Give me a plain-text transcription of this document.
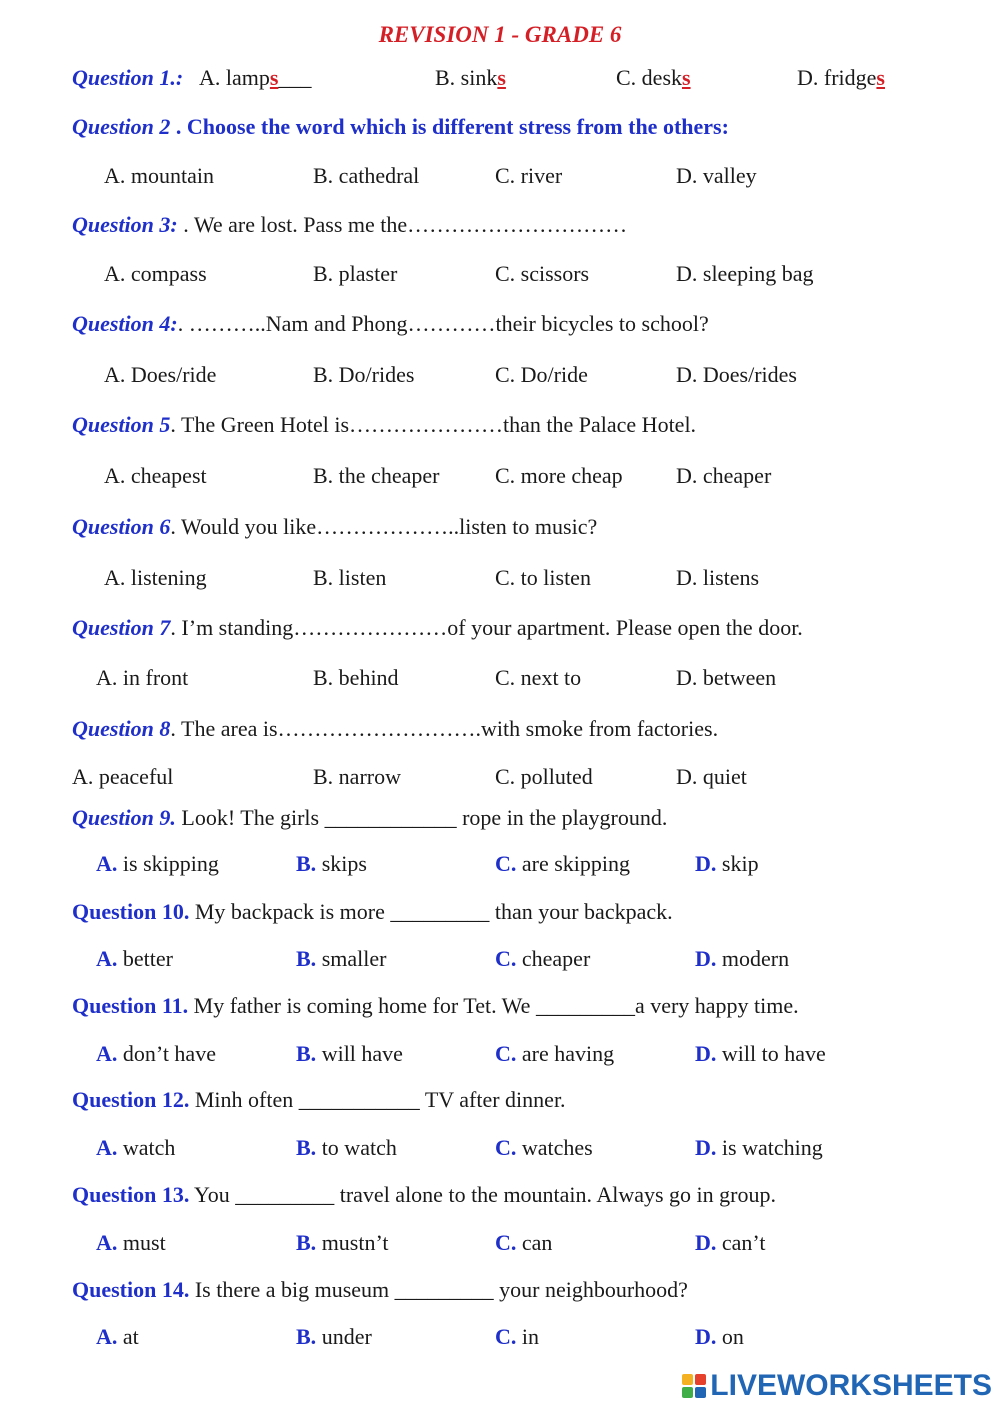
REVISION 1 - GRADE 6
Question 1.: A. lamps___	B. sinks	C. desks	D. fridges
Question 2 . Choose the word which is different stress from the others:
A. mountain	B. cathedral	C. river	D. valley
Question 3: . We are lost. Pass me the…………………………
A. compass	B. plaster	C. scissors	D. sleeping bag
Question 4:. ………..Nam and Phong…………their bicycles to school?
A. Does/ride	B. Do/rides	C. Do/ride	D. Does/rides
Question 5. The Green Hotel is…………………than the Palace Hotel.
A. cheapest	B. the cheaper	C. more cheap D. cheaper
Question 6. Would you like………………..listen to music?
A. listening	B. listen	C. to listen	D. listens
Question 7. I’m standing…………………of your apartment. Please open the door.
A. in front	B. behind	C. next to	D. between
Question 8. The area is……………………….with smoke from factories.
A. peaceful	B. narrow	C. polluted	D. quiet
Question 9. Look! The girls ____________ rope in the playground.
A. is skipping	B. skips	C. are skipping	D. skip
Question 10. My backpack is more _________ than your backpack.
A. better	B. smaller	C. cheaper	D. modern
Question 11. My father is coming home for Tet. We _________a very happy time.
A. don’t have	B. will have	C. are having	D. will to have
Question 12. Minh often ___________ TV after dinner.
A. watch	B. to watch	C. watches	D. is watching
Question 13. You _________ travel alone to the mountain. Always go in group.
A. must	B. mustn’t	C. can	D. can’t
Question 14. Is there a big museum _________ your neighbourhood?
A. at	B. under	C. in	D. on
LIVEWORKSHEETS
